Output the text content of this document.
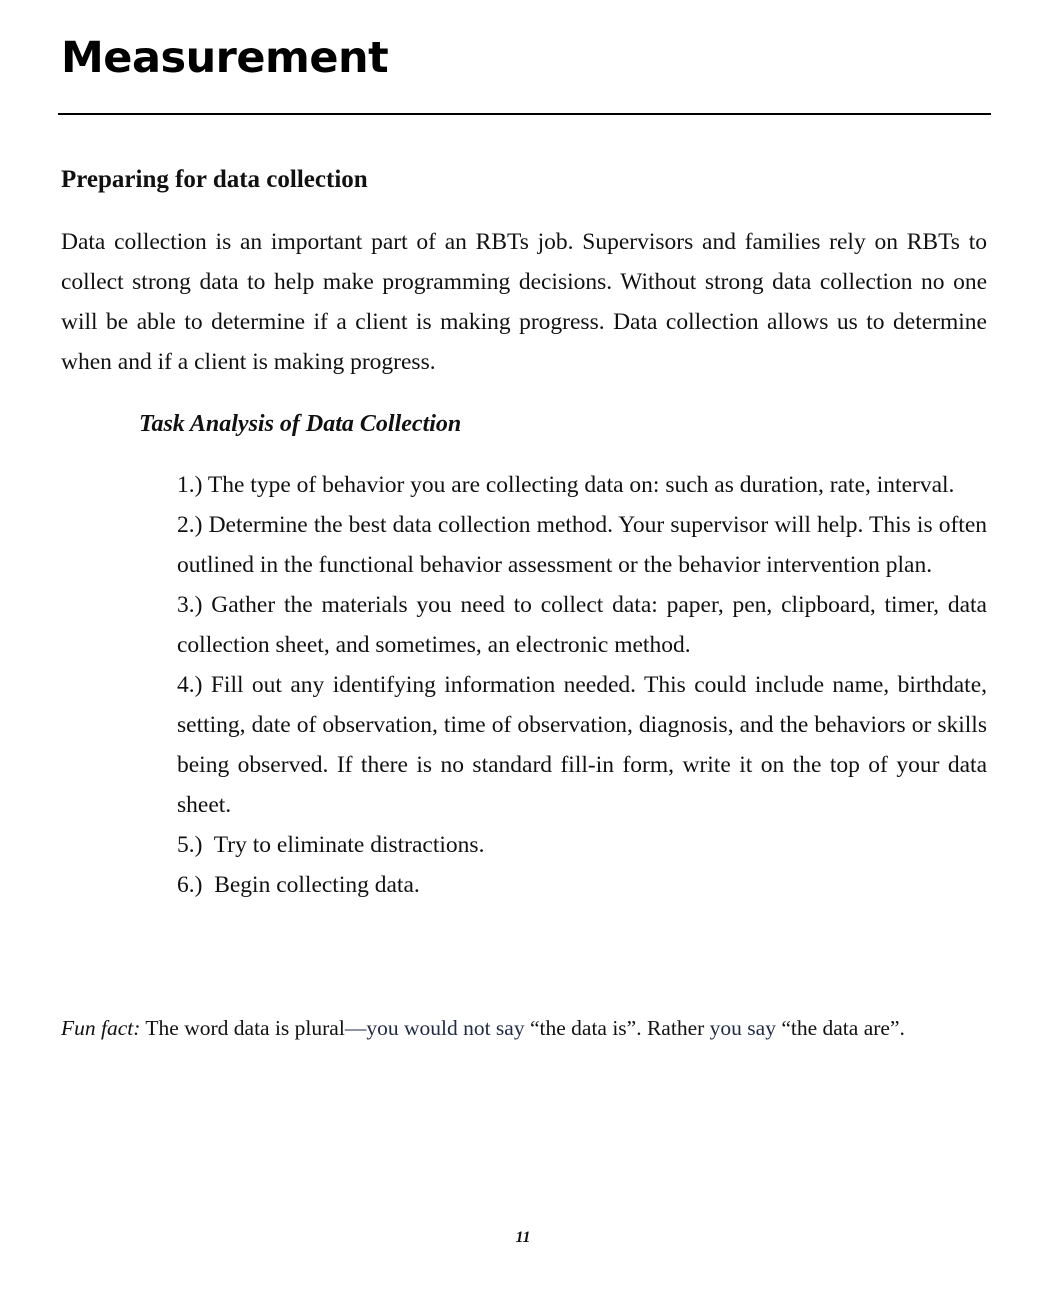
Measurement
Preparing for data collection

Data collection is an important part of an RBTs job. Supervisors and families rely on RBTs to collect strong data to help make programming decisions. Without strong data collection no one will be able to determine if a client is making progress. Data collection allows us to determine when and if a client is making progress.

Task Analysis of Data Collection
1.) The type of behavior you are collecting data on: such as duration, rate, interval.
2.) Determine the best data collection method. Your supervisor will help. This is often outlined in the functional behavior assessment or the behavior intervention plan.
3.) Gather the materials you need to collect data: paper, pen, clipboard, timer, data collection sheet, and sometimes, an electronic method.
4.) Fill out any identifying information needed. This could include name, birthdate, setting, date of observation, time of observation, diagnosis, and the behaviors or skills being observed. If there is no standard fill-in form, write it on the top of your data sheet.
5.)  Try to eliminate distractions.
6.)  Begin collecting data.

Fun fact: The word data is plural—you would not say “the data is”. Rather you say “the data are”.

11
